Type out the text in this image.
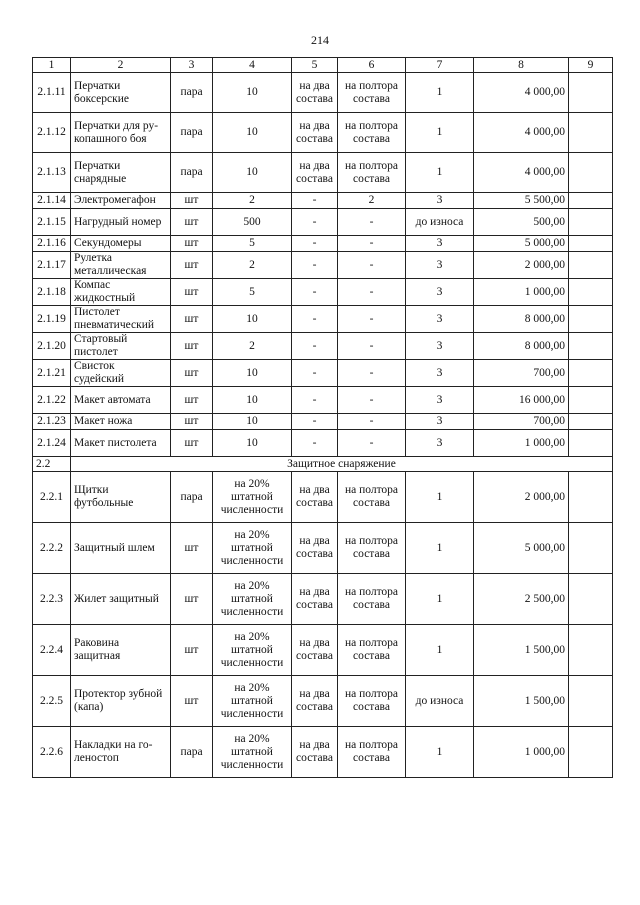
214
1	2	3	4	5	6	7	8	9
2.1.11	Перчатки боксерские	пара	10	на два состава	на полтора состава	1	4 000,00	
2.1.12	Перчатки для ру-копашного боя	пара	10	на два состава	на полтора состава	1	4 000,00	
2.1.13	Перчатки снарядные	пара	10	на два состава	на полтора состава	1	4 000,00	
2.1.14	Электромегафон	шт	2	-	2	3	5 500,00	
2.1.15	Нагрудный номер	шт	500	-	-	до износа	500,00	
2.1.16	Секундомеры	шт	5	-	-	3	5 000,00	
2.1.17	Рулетка металлическая	шт	2	-	-	3	2 000,00	
2.1.18	Компас жидкостный	шт	5	-	-	3	1 000,00	
2.1.19	Пистолет пневматический	шт	10	-	-	3	8 000,00	
2.1.20	Стартовый пистолет	шт	2	-	-	3	8 000,00	
2.1.21	Свисток судейский	шт	10	-	-	3	700,00	
2.1.22	Макет автомата	шт	10	-	-	3	16 000,00	
2.1.23	Макет ножа	шт	10	-	-	3	700,00	
2.1.24	Макет пистолета	шт	10	-	-	3	1 000,00	
2.2	Защитное снаряжение							
2.2.1	Щитки футбольные	пара	на 20% штатной численности	на два состава	на полтора состава	1	2 000,00	
2.2.2	Защитный шлем	шт	на 20% штатной численности	на два состава	на полтора состава	1	5 000,00	
2.2.3	Жилет защитный	шт	на 20% штатной численности	на два состава	на полтора состава	1	2 500,00	
2.2.4	Раковина защитная	шт	на 20% штатной численности	на два состава	на полтора состава	1	1 500,00	
2.2.5	Протектор зубной (капа)	шт	на 20% штатной численности	на два состава	на полтора состава	до износа	1 500,00	
2.2.6	Накладки на го-леностоп	пара	на 20% штатной численности	на два состава	на полтора состава	1	1 000,00	
